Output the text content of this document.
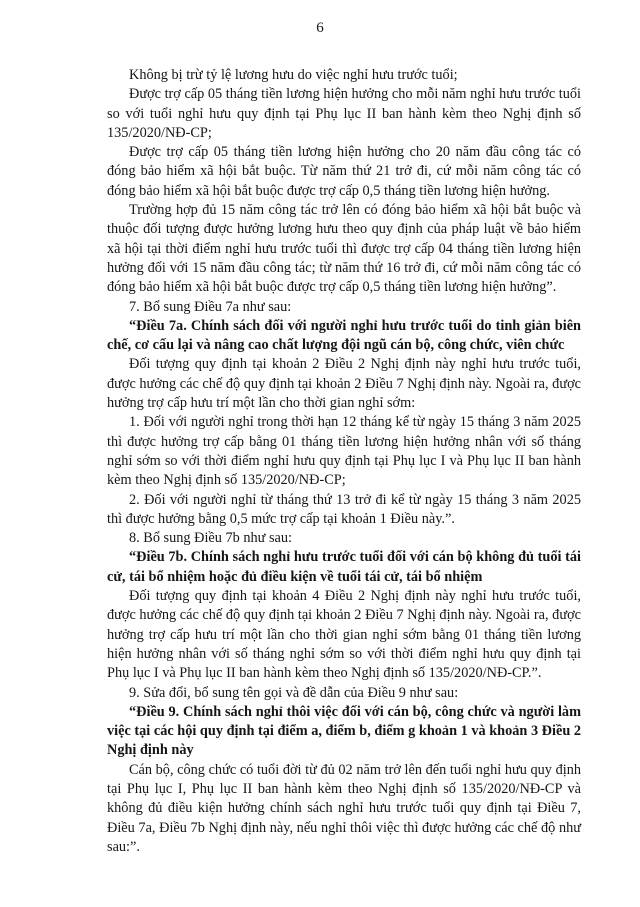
6

Không bị trừ tỷ lệ lương hưu do việc nghỉ hưu trước tuổi;

Được trợ cấp 05 tháng tiền lương hiện hưởng cho mỗi năm nghỉ hưu trước tuổi so với tuổi nghỉ hưu quy định tại Phụ lục II ban hành kèm theo Nghị định số 135/2020/NĐ-CP;

Được trợ cấp 05 tháng tiền lương hiện hưởng cho 20 năm đầu công tác có đóng bảo hiểm xã hội bắt buộc. Từ năm thứ 21 trở đi, cứ mỗi năm công tác có đóng bảo hiểm xã hội bắt buộc được trợ cấp 0,5 tháng tiền lương hiện hưởng.

Trường hợp đủ 15 năm công tác trở lên có đóng bảo hiểm xã hội bắt buộc và thuộc đối tượng được hưởng lương hưu theo quy định của pháp luật về bảo hiểm xã hội tại thời điểm nghỉ hưu trước tuổi thì được trợ cấp 04 tháng tiền lương hiện hưởng đối với 15 năm đầu công tác; từ năm thứ 16 trở đi, cứ mỗi năm công tác có đóng bảo hiểm xã hội bắt buộc được trợ cấp 0,5 tháng tiền lương hiện hưởng”.

7. Bổ sung Điều 7a như sau:

“Điều 7a. Chính sách đối với người nghỉ hưu trước tuổi do tinh giản biên chế, cơ cấu lại và nâng cao chất lượng đội ngũ cán bộ, công chức, viên chức

Đối tượng quy định tại khoản 2 Điều 2 Nghị định này nghỉ hưu trước tuổi, được hưởng các chế độ quy định tại khoản 2 Điều 7 Nghị định này. Ngoài ra, được hưởng trợ cấp hưu trí một lần cho thời gian nghỉ sớm:

1. Đối với người nghỉ trong thời hạn 12 tháng kể từ ngày 15 tháng 3 năm 2025 thì được hưởng trợ cấp bằng 01 tháng tiền lương hiện hưởng nhân với số tháng nghỉ sớm so với thời điểm nghỉ hưu quy định tại Phụ lục I và Phụ lục II ban hành kèm theo Nghị định số 135/2020/NĐ-CP;

2. Đối với người nghỉ từ tháng thứ 13 trở đi kể từ ngày 15 tháng 3 năm 2025 thì được hưởng bằng 0,5 mức trợ cấp tại khoản 1 Điều này.”.

8. Bổ sung Điều 7b như sau:

“Điều 7b. Chính sách nghỉ hưu trước tuổi đối với cán bộ không đủ tuổi tái cử, tái bổ nhiệm hoặc đủ điều kiện về tuổi tái cử, tái bổ nhiệm

Đối tượng quy định tại khoản 4 Điều 2 Nghị định này nghỉ hưu trước tuổi, được hưởng các chế độ quy định tại khoản 2 Điều 7 Nghị định này. Ngoài ra, được hưởng trợ cấp hưu trí một lần cho thời gian nghỉ sớm bằng 01 tháng tiền lương hiện hưởng nhân với số tháng nghỉ sớm so với thời điểm nghỉ hưu quy định tại Phụ lục I và Phụ lục II ban hành kèm theo Nghị định số 135/2020/NĐ-CP.”.

9. Sửa đổi, bổ sung tên gọi và đề dẫn của Điều 9 như sau:

“Điều 9. Chính sách nghỉ thôi việc đối với cán bộ, công chức và người làm việc tại các hội quy định tại điểm a, điểm b, điểm g khoản 1 và khoản 3 Điều 2 Nghị định này

Cán bộ, công chức có tuổi đời từ đủ 02 năm trở lên đến tuổi nghỉ hưu quy định tại Phụ lục I, Phụ lục II ban hành kèm theo Nghị định số 135/2020/NĐ-CP và không đủ điều kiện hưởng chính sách nghỉ hưu trước tuổi quy định tại Điều 7, Điều 7a, Điều 7b Nghị định này, nếu nghỉ thôi việc thì được hưởng các chế độ như sau:”.
